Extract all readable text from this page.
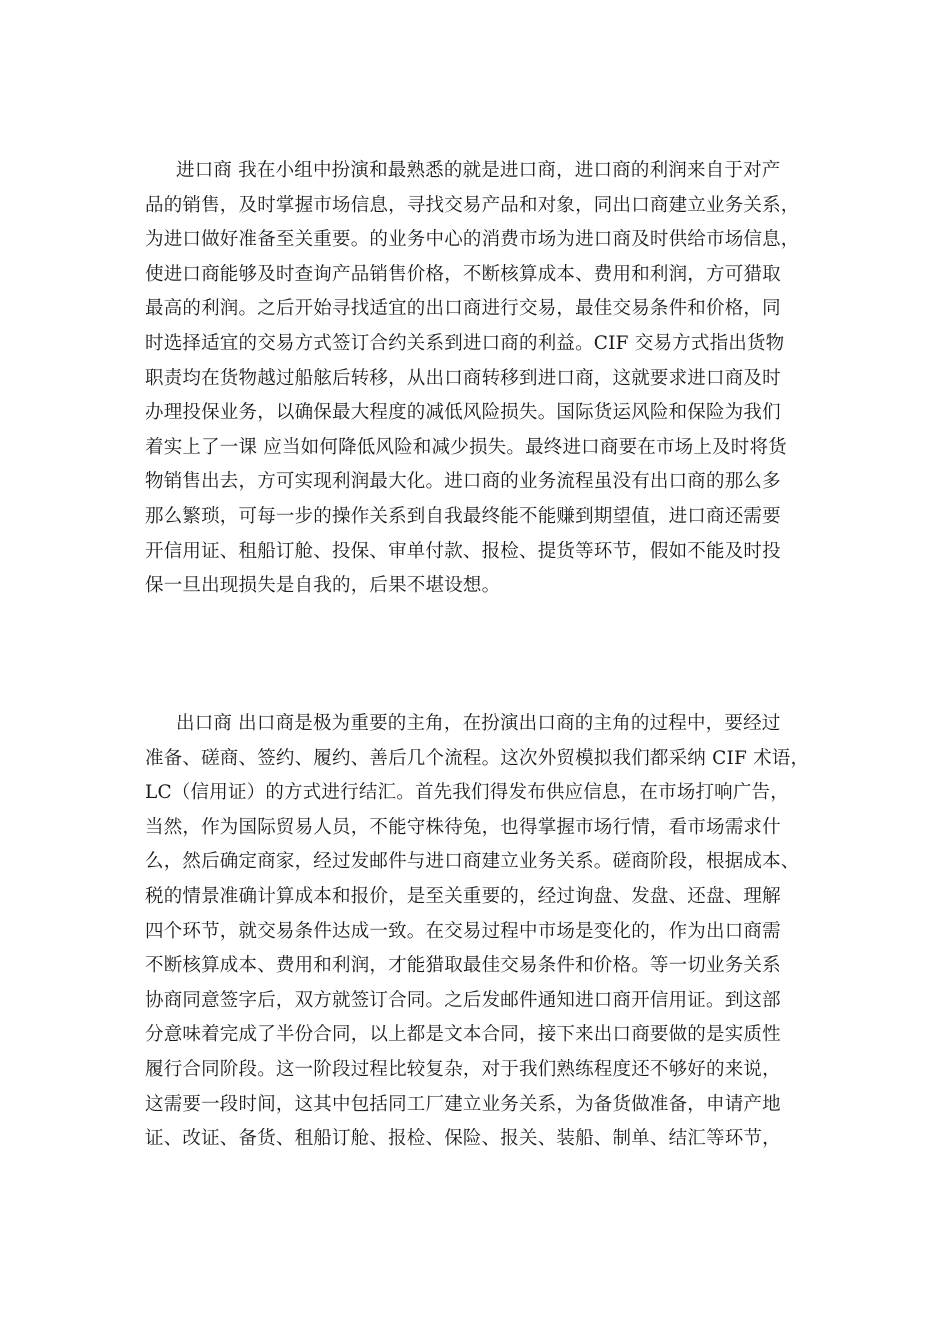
进口商 我在小组中扮演和最熟悉的就是进口商，进口商的利润来自于对产
品的销售，及时掌握市场信息，寻找交易产品和对象，同出口商建立业务关系，
为进口做好准备至关重要。的业务中心的消费市场为进口商及时供给市场信息，
使进口商能够及时查询产品销售价格，不断核算成本、费用和利润，方可猎取
最高的利润。之后开始寻找适宜的出口商进行交易，最佳交易条件和价格，同
时选择适宜的交易方式签订合约关系到进口商的利益。CIF 交易方式指出货物
职责均在货物越过船舷后转移，从出口商转移到进口商，这就要求进口商及时
办理投保业务，以确保最大程度的减低风险损失。国际货运风险和保险为我们
着实上了一课 应当如何降低风险和减少损失。最终进口商要在市场上及时将货
物销售出去，方可实现利润最大化。进口商的业务流程虽没有出口商的那么多
那么繁琐，可每一步的操作关系到自我最终能不能赚到期望值，进口商还需要
开信用证、租船订舱、投保、审单付款、报检、提货等环节，假如不能及时投
保一旦出现损失是自我的，后果不堪设想。
出口商 出口商是极为重要的主角，在扮演出口商的主角的过程中，要经过
准备、磋商、签约、履约、善后几个流程。这次外贸模拟我们都采纳 CIF 术语，
LC（信用证）的方式进行结汇。首先我们得发布供应信息，在市场打响广告，
当然，作为国际贸易人员，不能守株待兔，也得掌握市场行情，看市场需求什
么，然后确定商家，经过发邮件与进口商建立业务关系。磋商阶段，根据成本、
税的情景准确计算成本和报价，是至关重要的，经过询盘、发盘、还盘、理解
四个环节，就交易条件达成一致。在交易过程中市场是变化的，作为出口商需
不断核算成本、费用和利润，才能猎取最佳交易条件和价格。等一切业务关系
协商同意签字后，双方就签订合同。之后发邮件通知进口商开信用证。到这部
分意味着完成了半份合同，以上都是文本合同，接下来出口商要做的是实质性
履行合同阶段。这一阶段过程比较复杂，对于我们熟练程度还不够好的来说，
这需要一段时间，这其中包括同工厂建立业务关系，为备货做准备，申请产地
证、改证、备货、租船订舱、报检、保险、报关、装船、制单、结汇等环节，
